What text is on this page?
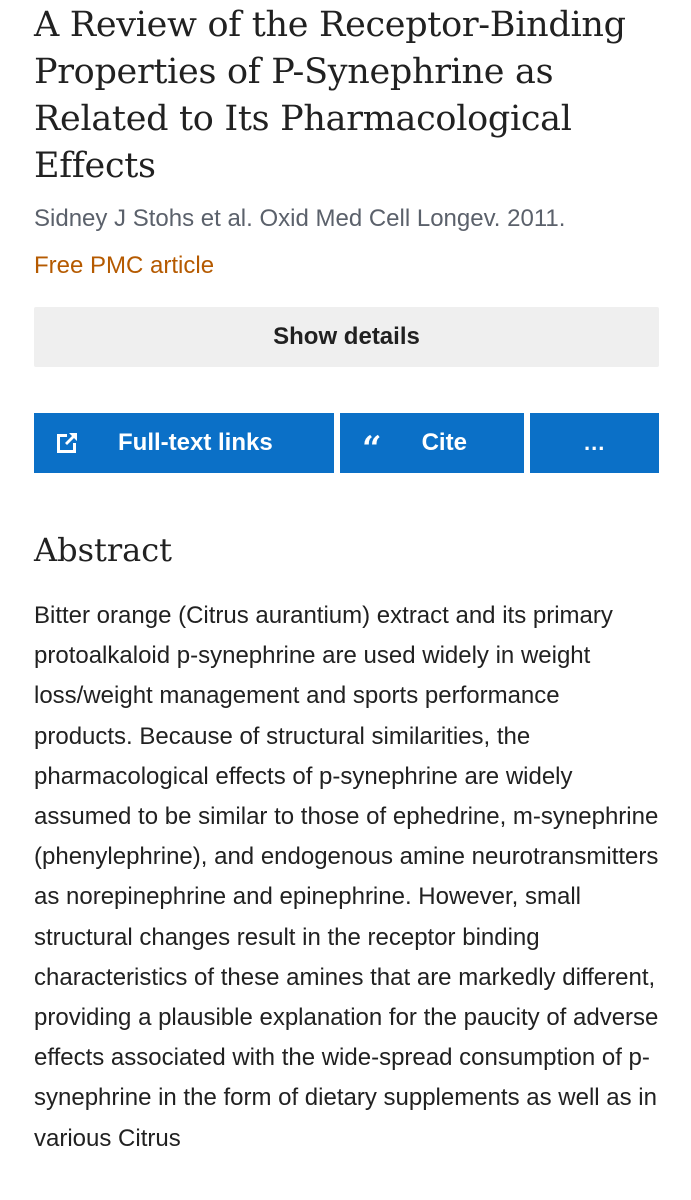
A Review of the Receptor-Binding Properties of P-Synephrine as Related to Its Pharmacological Effects
Sidney J Stohs et al. Oxid Med Cell Longev. 2011.
Free PMC article
Show details
Full-text links	“ Cite	...
Abstract

Bitter orange (Citrus aurantium) extract and its primary protoalkaloid p-synephrine are used widely in weight loss/weight management and sports performance products. Because of structural similarities, the pharmacological effects of p-synephrine are widely assumed to be similar to those of ephedrine, m-synephrine (phenylephrine), and endogenous amine neurotransmitters as norepinephrine and epinephrine. However, small structural changes result in the receptor binding characteristics of these amines that are markedly different, providing a plausible explanation for the paucity of adverse effects associated with the wide-spread consumption of p-synephrine in the form of dietary supplements as well as in various Citrus
